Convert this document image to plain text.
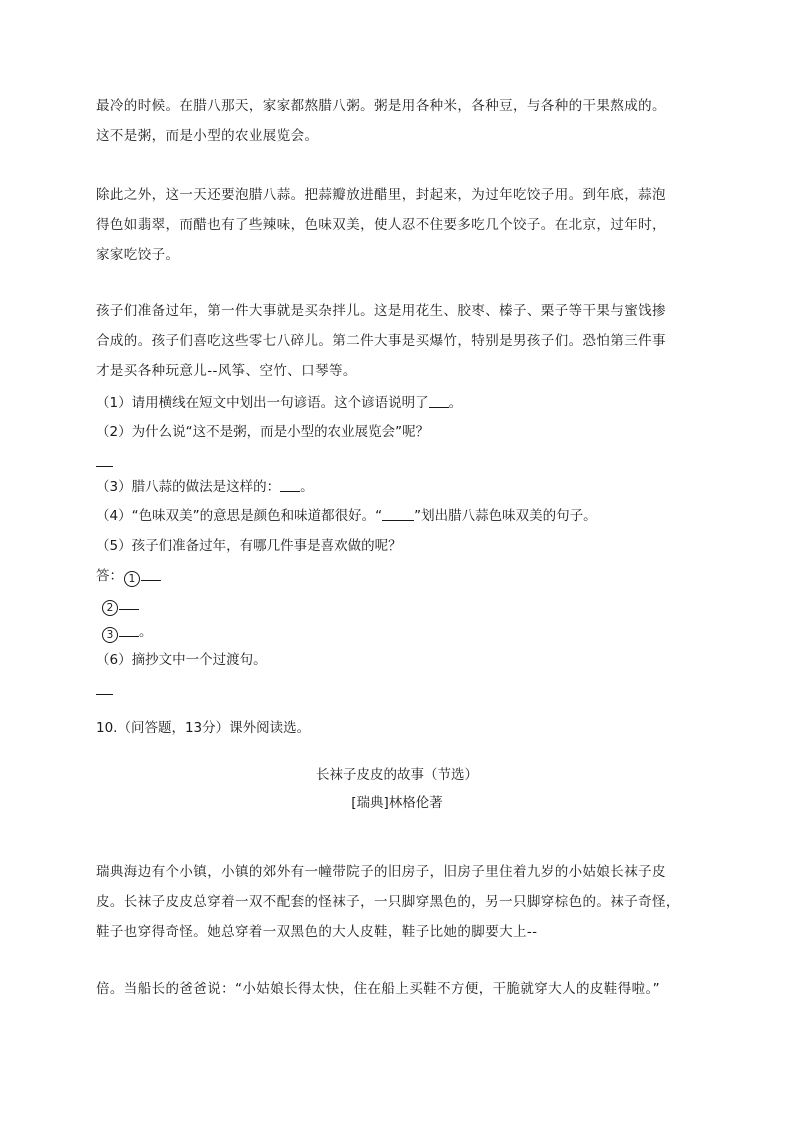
最冷的时候。在腊八那天，家家都熬腊八粥。粥是用各种米，各种豆，与各种的干果熬成的。
这不是粥，而是小型的农业展览会。

除此之外，这一天还要泡腊八蒜。把蒜瓣放进醋里，封起来，为过年吃饺子用。到年底，蒜泡
得色如翡翠，而醋也有了些辣味，色味双美，使人忍不住要多吃几个饺子。在北京，过年时，
家家吃饺子。

孩子们准备过年，第一件大事就是买杂拌儿。这是用花生、胶枣、榛子、栗子等干果与蜜饯掺
合成的。孩子们喜吃这些零七八碎儿。第二件大事是买爆竹，特别是男孩子们。恐怕第三件事
才是买各种玩意儿--风筝、空竹、口琴等。

（1）请用横线在短文中划出一句谚语。这个谚语说明了 。

（2）为什么说“这不是粥，而是小型的农业展览会”呢？

（3）腊八蒜的做法是这样的： 。

（4）“色味双美”的意思是颜色和味道都很好。“ ”划出腊八蒜色味双美的句子。

（5）孩子们准备过年，有哪几件事是喜欢做的呢？

答： 1

2

3 。

（6）摘抄文中一个过渡句。

10.（问答题，13分）课外阅读选。

长袜子皮皮的故事（节选）

[瑞典]林格伦著

瑞典海边有个小镇，小镇的郊外有一幢带院子的旧房子，旧房子里住着九岁的小姑娘长袜子皮
皮。长袜子皮皮总穿着一双不配套的怪袜子，一只脚穿黑色的，另一只脚穿棕色的。袜子奇怪，
鞋子也穿得奇怪。她总穿着一双黑色的大人皮鞋，鞋子比她的脚要大上--

倍。当船长的爸爸说：“小姑娘长得太快，住在船上买鞋不方便，干脆就穿大人的皮鞋得啦。”
